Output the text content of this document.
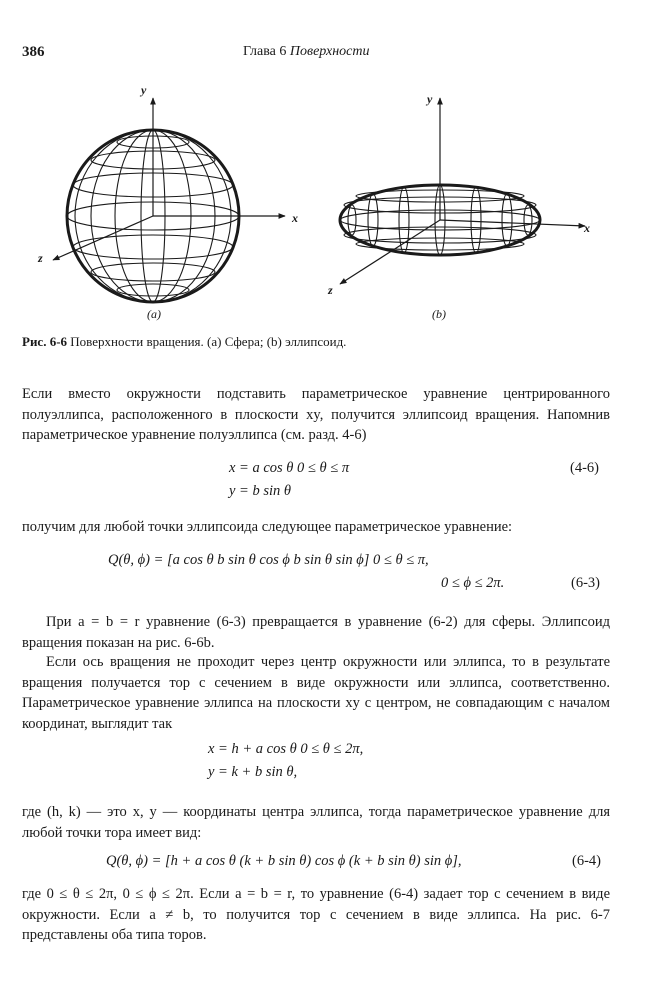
386	Глава 6 Поверхности
y
x
z
(a)
y
x
z
(b)
Рис. 6-6 Поверхности вращения. (a) Сфера; (b) эллипсоид.
Если вместо окружности подставить параметрическое уравнение центрированного полуэллипса, расположенного в плоскости xy, получится эллипсоид вращения. Напомнив параметрическое уравнение полуэллипса (см. разд. 4-6)
x = a cos θ 0 ≤ θ ≤ π
y = b sin θ
(4-6)
получим для любой точки эллипсоида следующее параметрическое уравнение:
Q(θ, ϕ) = [a cos θ b sin θ cos ϕ b sin θ sin ϕ] 0 ≤ θ ≤ π,
0 ≤ ϕ ≤ 2π.	(6-3)
При a = b = r уравнение (6-3) превращается в уравнение (6-2) для сферы. Эллипсоид вращения показан на рис. 6-6b.
Если ось вращения не проходит через центр окружности или эллипса, то в результате вращения получается тор с сечением в виде окружности или эллипса, соответственно. Параметрическое уравнение эллипса на плоскости xy с центром, не совпадающим с началом координат, выглядит так
x = h + a cos θ 0 ≤ θ ≤ 2π,
y = k + b sin θ,
где (h, k) — это x, y — координаты центра эллипса, тогда параметрическое уравнение для любой точки тора имеет вид:
Q(θ, ϕ) = [h + a cos θ (k + b sin θ) cos ϕ (k + b sin θ) sin ϕ],	(6-4)
где 0 ≤ θ ≤ 2π, 0 ≤ ϕ ≤ 2π. Если a = b = r, то уравнение (6-4) задает тор с сечением в виде окружности. Если a ≠ b, то получится тор с сечением в виде эллипса. На рис. 6-7 представлены оба типа торов.
